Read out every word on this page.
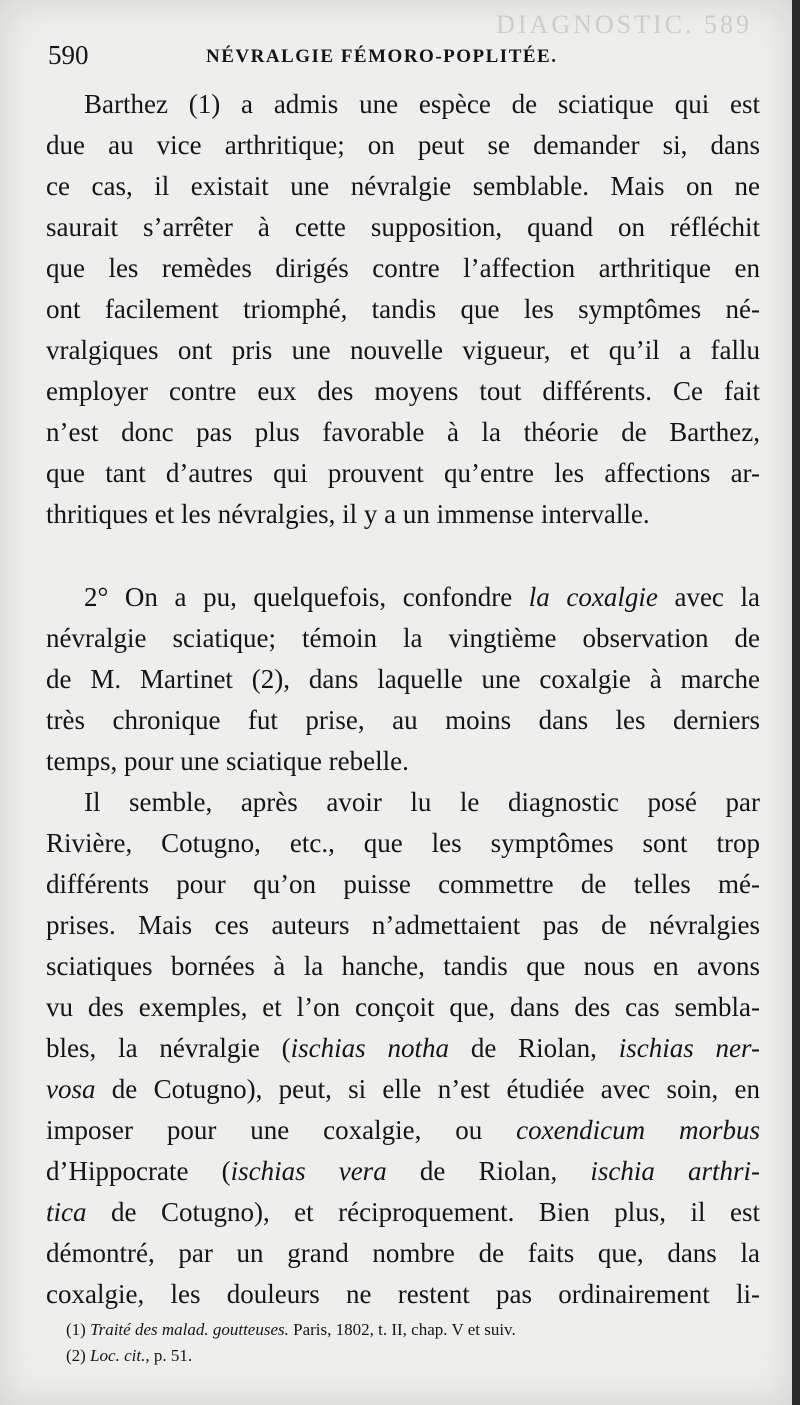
DIAGNOSTIC. 589
590	NÉVRALGIE FÉMORO-POPLITÉE.
Barthez (1) a admis une espèce de sciatique qui est
due au vice arthritique; on peut se demander si, dans
ce cas, il existait une névralgie semblable. Mais on ne
saurait s’arrêter à cette supposition, quand on réfléchit
que les remèdes dirigés contre l’affection arthritique en
ont facilement triomphé, tandis que les symptômes né-
vralgiques ont pris une nouvelle vigueur, et qu’il a fallu
employer contre eux des moyens tout différents. Ce fait
n’est donc pas plus favorable à la théorie de Barthez,
que tant d’autres qui prouvent qu’entre les affections ar-
thritiques et les névralgies, il y a un immense intervalle.
2° On a pu, quelquefois, confondre la coxalgie avec la
névralgie sciatique; témoin la vingtième observation de
de M. Martinet (2), dans laquelle une coxalgie à marche
très chronique fut prise, au moins dans les derniers
temps, pour une sciatique rebelle.
Il semble, après avoir lu le diagnostic posé par
Rivière, Cotugno, etc., que les symptômes sont trop
différents pour qu’on puisse commettre de telles mé-
prises. Mais ces auteurs n’admettaient pas de névralgies
sciatiques bornées à la hanche, tandis que nous en avons
vu des exemples, et l’on conçoit que, dans des cas sembla-
bles, la névralgie (ischias notha de Riolan, ischias ner-
vosa de Cotugno), peut, si elle n’est étudiée avec soin, en
imposer pour une coxalgie, ou coxendicum morbus
d’Hippocrate (ischias vera de Riolan, ischia arthri-
tica de Cotugno), et réciproquement. Bien plus, il est
démontré, par un grand nombre de faits que, dans la
coxalgie, les douleurs ne restent pas ordinairement li-
(1) Traité des malad. goutteuses. Paris, 1802, t. II, chap. V et suiv.
(2) Loc. cit., p. 51.
